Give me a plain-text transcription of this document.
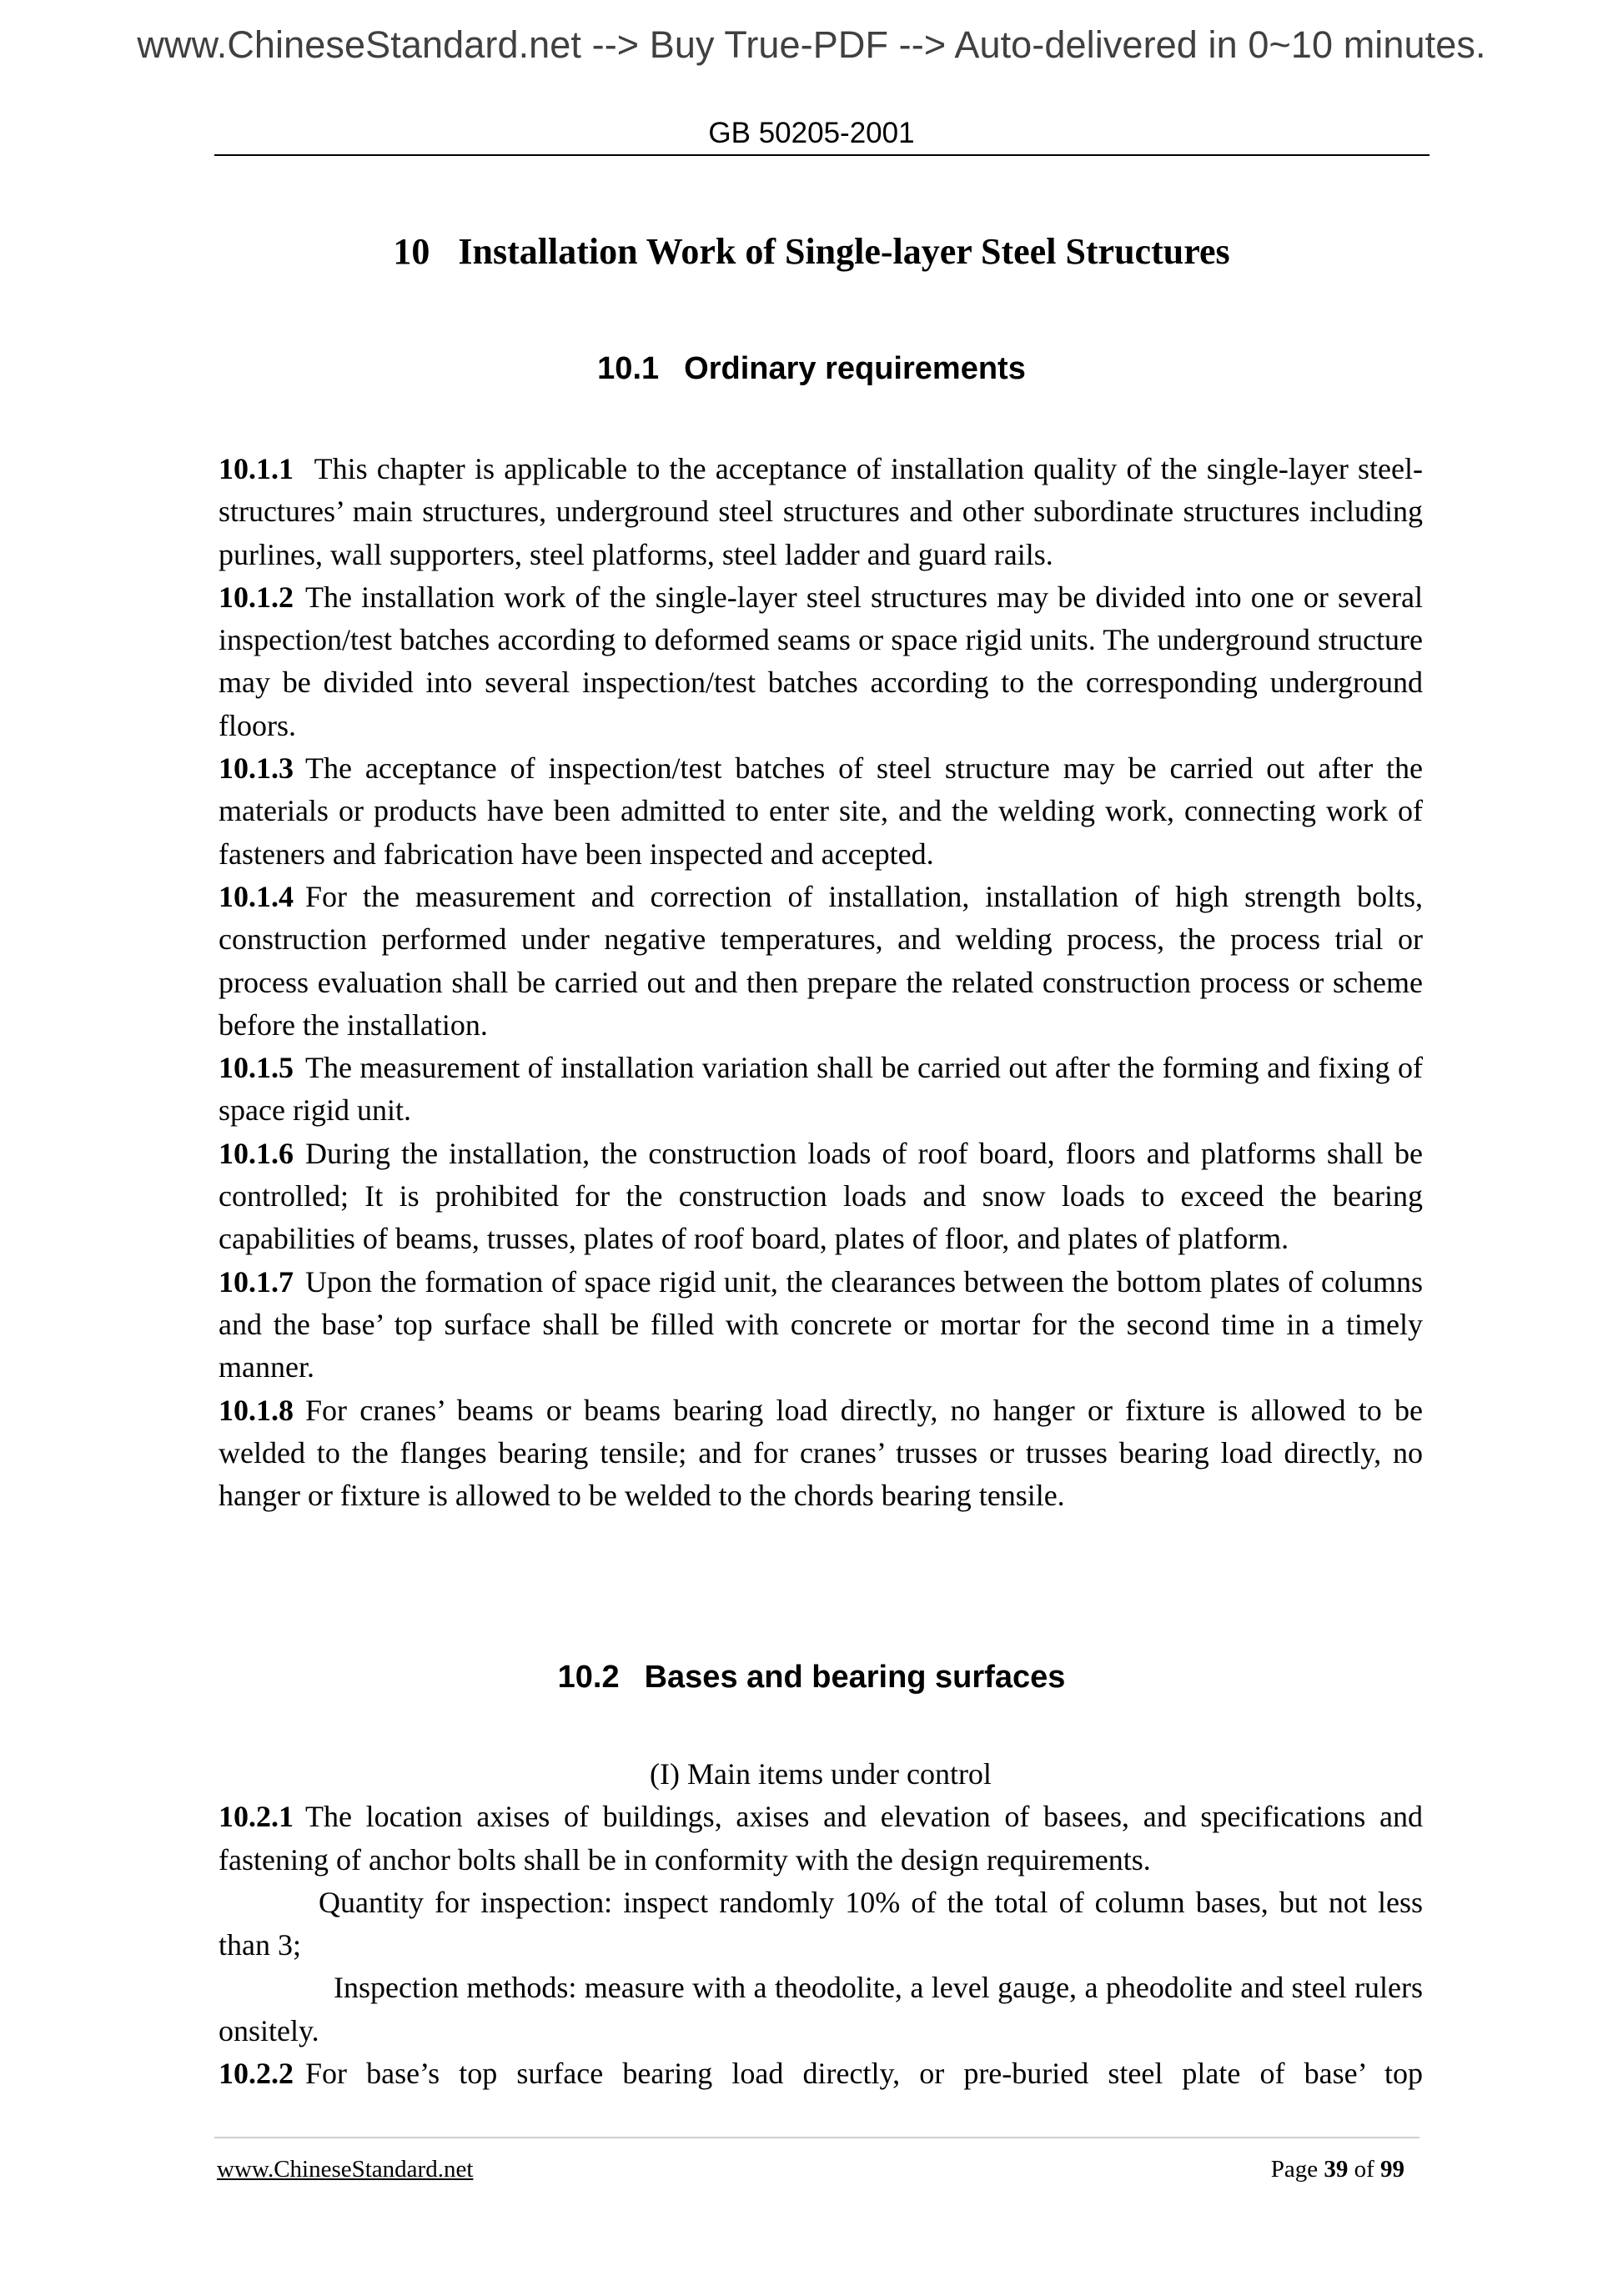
www.ChineseStandard.net --> Buy True-PDF --> Auto-delivered in 0~10 minutes.
GB 50205-2001
10 Installation Work of Single-layer Steel Structures
10.1 Ordinary requirements

10.1.1 This chapter is applicable to the acceptance of installation quality of the single-layer steel-structures’ main structures, underground steel structures and other subordinate structures including purlines, wall supporters, steel platforms, steel ladder and guard rails.

10.1.2 The installation work of the single-layer steel structures may be divided into one or several inspection/test batches according to deformed seams or space rigid units. The underground structure may be divided into several inspection/test batches according to the corresponding underground floors.

10.1.3 The acceptance of inspection/test batches of steel structure may be carried out after the materials or products have been admitted to enter site, and the welding work, connecting work of fasteners and fabrication have been inspected and accepted.

10.1.4 For the measurement and correction of installation, installation of high strength bolts, construction performed under negative temperatures, and welding process, the process trial or process evaluation shall be carried out and then prepare the related construction process or scheme before the installation.

10.1.5 The measurement of installation variation shall be carried out after the forming and fixing of space rigid unit.

10.1.6 During the installation, the construction loads of roof board, floors and platforms shall be controlled; It is prohibited for the construction loads and snow loads to exceed the bearing capabilities of beams, trusses, plates of roof board, plates of floor, and plates of platform.

10.1.7 Upon the formation of space rigid unit, the clearances between the bottom plates of columns and the base’ top surface shall be filled with concrete or mortar for the second time in a timely manner.

10.1.8 For cranes’ beams or beams bearing load directly, no hanger or fixture is allowed to be welded to the flanges bearing tensile; and for cranes’ trusses or trusses bearing load directly, no hanger or fixture is allowed to be welded to the chords bearing tensile.

10.2 Bases and bearing surfaces

(I) Main items under control

10.2.1 The location axises of buildings, axises and elevation of basees, and specifications and fastening of anchor bolts shall be in conformity with the design requirements.

Quantity for inspection: inspect randomly 10% of the total of column bases, but not less than 3;

Inspection methods: measure with a theodolite, a level gauge, a pheodolite and steel rulers onsitely.

10.2.2 For base’s top surface bearing load directly, or pre-buried steel plate of base’ top

www.ChineseStandard.net	Page 39 of 99
